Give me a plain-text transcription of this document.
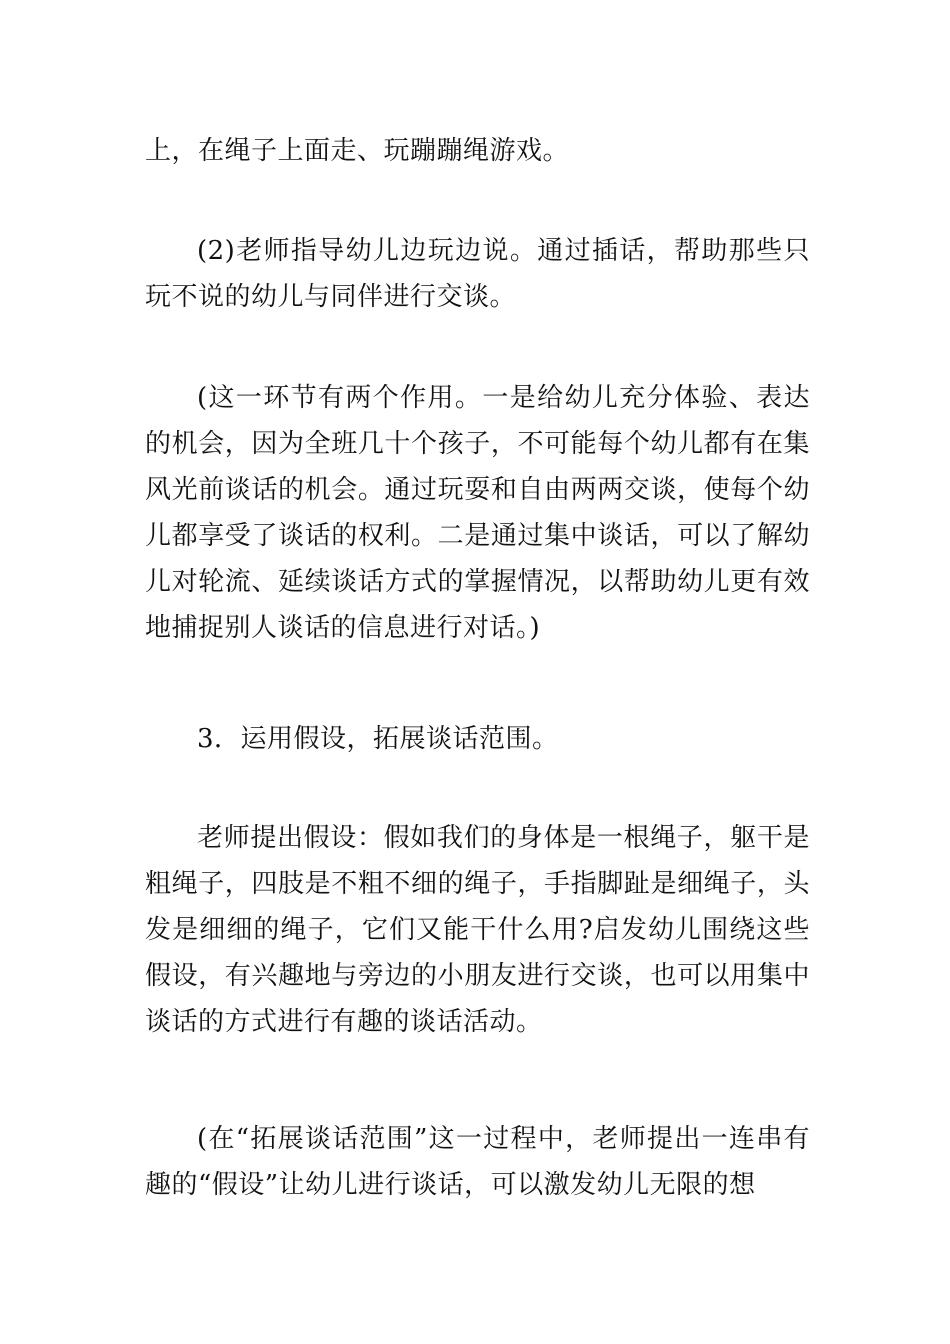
上，在绳子上面走、玩蹦蹦绳游戏。

(2)老师指导幼儿边玩边说。通过插话，帮助那些只玩不说的幼儿与同伴进行交谈。

(这一环节有两个作用。一是给幼儿充分体验、表达的机会，因为全班几十个孩子，不可能每个幼儿都有在集风光前谈话的机会。通过玩耍和自由两两交谈，使每个幼儿都享受了谈话的权利。二是通过集中谈话，可以了解幼儿对轮流、延续谈话方式的掌握情况，以帮助幼儿更有效地捕捉别人谈话的信息进行对话。)

3．运用假设，拓展谈话范围。

老师提出假设：假如我们的身体是一根绳子，躯干是粗绳子，四肢是不粗不细的绳子，手指脚趾是细绳子，头发是细细的绳子，它们又能干什么用?启发幼儿围绕这些假设，有兴趣地与旁边的小朋友进行交谈，也可以用集中谈话的方式进行有趣的谈话活动。

(在“拓展谈话范围”这一过程中，老师提出一连串有趣的“假设”让幼儿进行谈话，可以激发幼儿无限的想
